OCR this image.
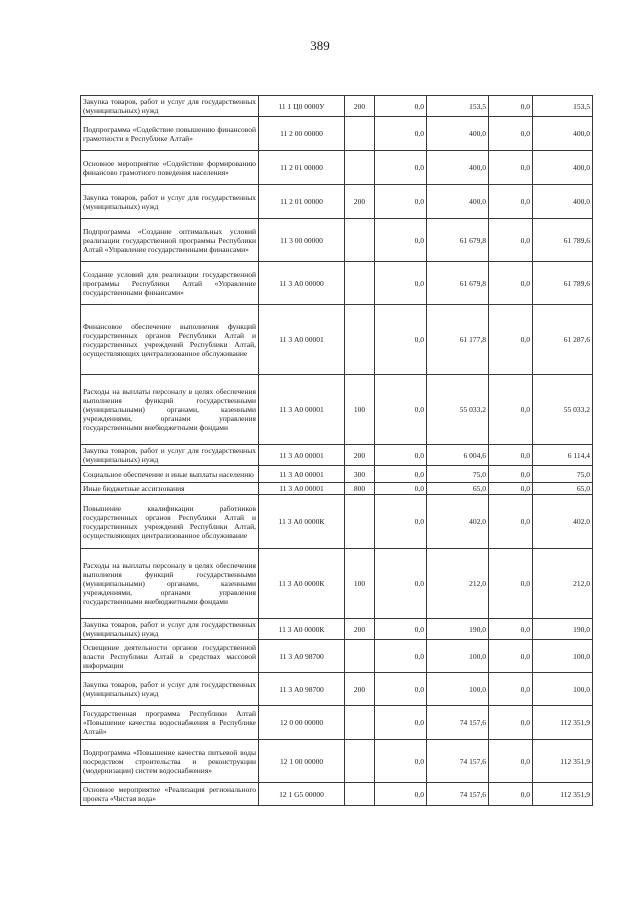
389
Закупка товаров, работ и услуг для государственных (муниципальных) нужд	11 1 Ц0 0000У	200	0,0	153,5	0,0	153,5
Подпрограмма «Содействие повышению финансовой грамотности в Республике Алтай»	11 2 00 00000		0,0	400,0	0,0	400,0
Основное мероприятие «Содействие формированию финансово грамотного поведения населения»	11 2 01 00000		0,0	400,0	0,0	400,0
Закупка товаров, работ и услуг для государственных (муниципальных) нужд	11 2 01 00000	200	0,0	400,0	0,0	400,0
Подпрограмма «Создание оптимальных условий реализации государственной программы Республики Алтай «Управление государственными финансами»	11 3 00 00000		0,0	61 679,8	0,0	61 789,6
Создание условий для реализации государственной программы Республики Алтай «Управление государственными финансами»	11 3 А0 00000		0,0	61 679,8	0,0	61 789,6
Финансовое обеспечение выполнения функций государственных органов Республики Алтай и государственных учреждений Республики Алтай, осуществляющих централизованное обслуживание	11 3 А0 00001		0,0	61 177,8	0,0	61 287,6
Расходы на выплаты персоналу в целях обеспечения выполнения функций государственными (муниципальными) органами, казенными учреждениями, органами управления государственными внебюджетными фондами	11 3 А0 00001	100	0,0	55 033,2	0,0	55 033,2
Закупка товаров, работ и услуг для государственных (муниципальных) нужд	11 3 А0 00001	200	0,0	6 004,6	0,0	6 114,4
Социальное обеспечение и иные выплаты населению	11 3 А0 00001	300	0,0	75,0	0,0	75,0
Иные бюджетные ассигнования	11 3 А0 00001	800	0,0	65,0	0,0	65,0
Повышение квалификации работников государственных органов Республики Алтай и государственных учреждений Республики Алтай, осуществляющих централизованное обслуживание	11 3 А0 0000К		0,0	402,0	0,0	402,0
Расходы на выплаты персоналу в целях обеспечения выполнения функций государственными (муниципальными) органами, казенными учреждениями, органами управления государственными внебюджетными фондами	11 3 А0 0000К	100	0,0	212,0	0,0	212,0
Закупка товаров, работ и услуг для государственных (муниципальных) нужд	11 3 А0 0000К	200	0,0	190,0	0,0	190,0
Освещение деятельности органов государственной власти Республики Алтай в средствах массовой информации	11 3 А0 98700		0,0	100,0	0,0	100,0
Закупка товаров, работ и услуг для государственных (муниципальных) нужд	11 3 А0 98700	200	0,0	100,0	0,0	100,0
Государственная программа Республики Алтай «Повышение качества водоснабжения в Республике Алтай»	12 0 00 00000		0,0	74 157,6	0,0	112 351,9
Подпрограмма «Повышение качества питьевой воды посредством строительства и реконструкции (модернизации) систем водоснабжения»	12 1 00 00000		0,0	74 157,6	0,0	112 351,9
Основное мероприятие «Реализация регионального проекта «Чистая вода»	12 1 G5 00000		0,0	74 157,6	0,0	112 351,9
